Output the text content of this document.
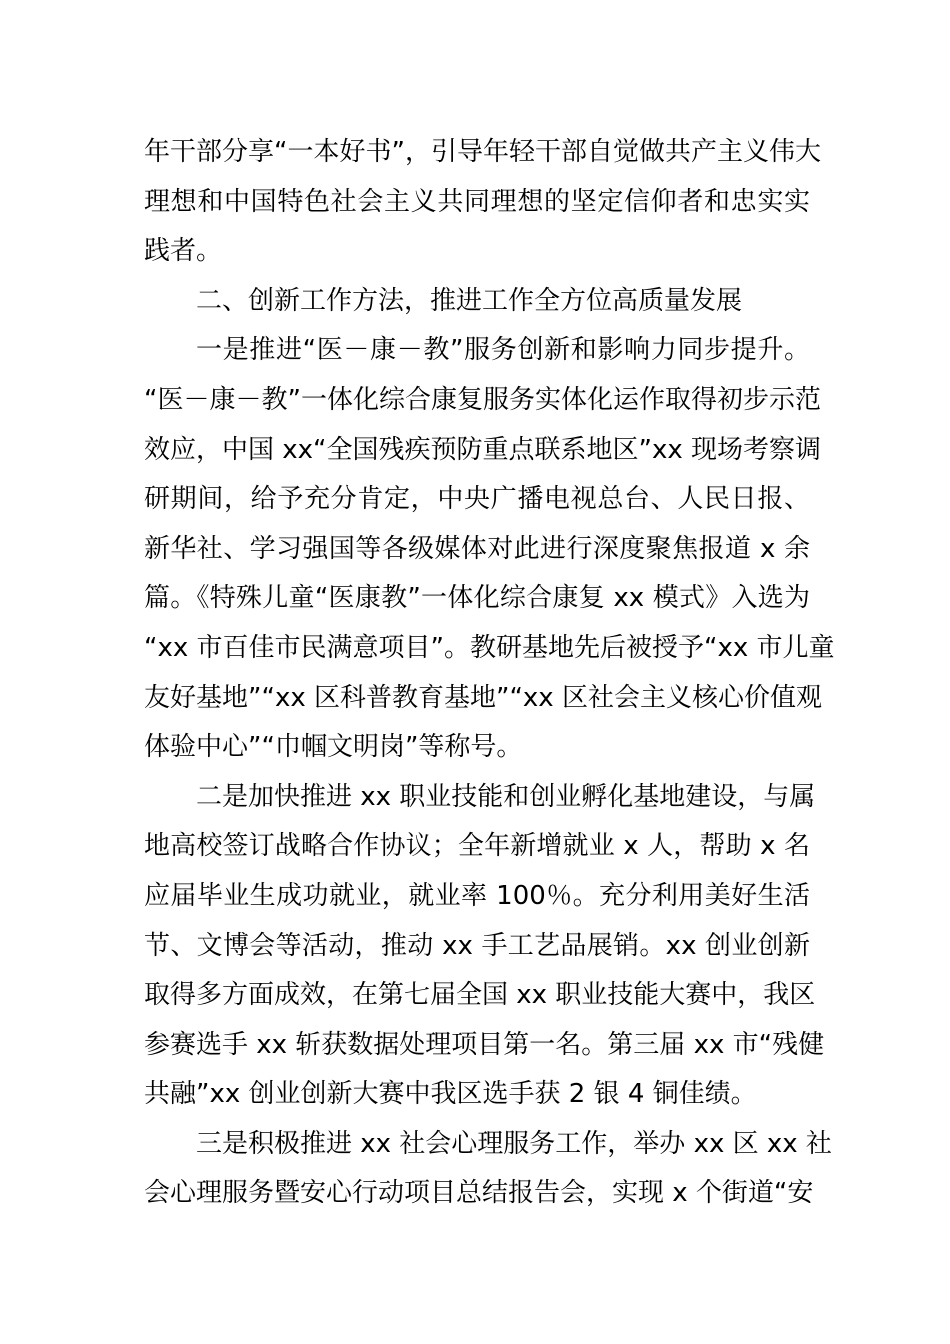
年干部分享“一本好书”，引导年轻干部自觉做共产主义伟大
理想和中国特色社会主义共同理想的坚定信仰者和忠实实
践者。
二、创新工作方法，推进工作全方位高质量发展
一是推进“医－康－教”服务创新和影响力同步提升。
“医－康－教”一体化综合康复服务实体化运作取得初步示范
效应，中国 xx“全国残疾预防重点联系地区”xx 现场考察调
研期间，给予充分肯定，中央广播电视总台、人民日报、
新华社、学习强国等各级媒体对此进行深度聚焦报道 x 余
篇。《特殊儿童“医康教”一体化综合康复 xx 模式》入选为
“xx 市百佳市民满意项目”。教研基地先后被授予“xx 市儿童
友好基地”“xx 区科普教育基地”“xx 区社会主义核心价值观
体验中心”“巾帼文明岗”等称号。
二是加快推进 xx 职业技能和创业孵化基地建设，与属
地高校签订战略合作协议；全年新增就业 x 人，帮助 x 名
应届毕业生成功就业，就业率 100％。充分利用美好生活
节、文博会等活动，推动 xx 手工艺品展销。xx 创业创新
取得多方面成效，在第七届全国 xx 职业技能大赛中，我区
参赛选手 xx 斩获数据处理项目第一名。第三届 xx 市“残健
共融”xx 创业创新大赛中我区选手获 2 银 4 铜佳绩。
三是积极推进 xx 社会心理服务工作，举办 xx 区 xx 社
会心理服务暨安心行动项目总结报告会，实现 x 个街道“安
